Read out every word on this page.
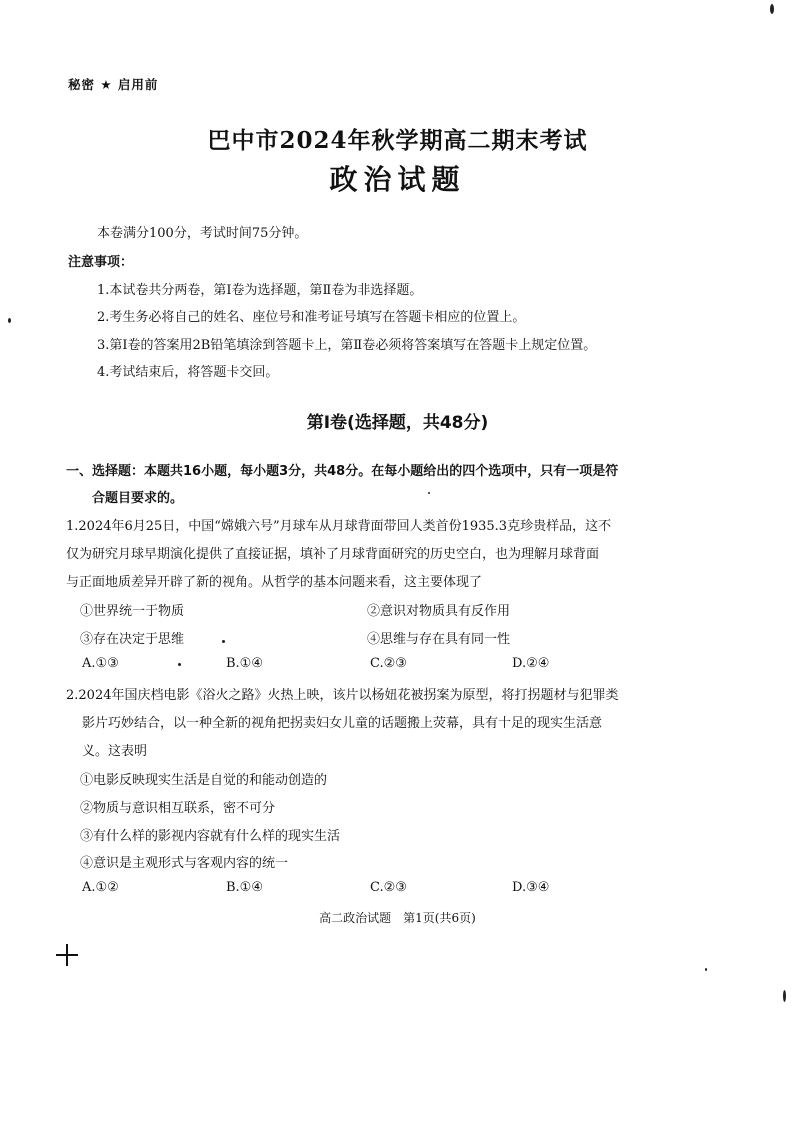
秘密 ★ 启用前
巴中市2024年秋学期高二期末考试
政治试题
本卷满分100分，考试时间75分钟。
注意事项：
1.本试卷共分两卷，第Ⅰ卷为选择题，第Ⅱ卷为非选择题。
2.考生务必将自己的姓名、座位号和准考证号填写在答题卡相应的位置上。
3.第Ⅰ卷的答案用2B铅笔填涂到答题卡上，第Ⅱ卷必须将答案填写在答题卡上规定位置。
4.考试结束后，将答题卡交回。
第Ⅰ卷(选择题，共48分)
一、选择题：本题共16小题，每小题3分，共48分。在每小题给出的四个选项中，只有一项是符
合题目要求的。
1.2024年6月25日，中国“嫦娥六号”月球车从月球背面带回人类首份1935.3克珍贵样品，这不
仅为研究月球早期演化提供了直接证据，填补了月球背面研究的历史空白，也为理解月球背面
与正面地质差异开辟了新的视角。从哲学的基本问题来看，这主要体现了
①世界统一于物质	②意识对物质具有反作用
③存在决定于思维	④思维与存在具有同一性
A.①③	B.①④	C.②③	D.②④
2.2024年国庆档电影《浴火之路》火热上映，该片以杨妞花被拐案为原型，将打拐题材与犯罪类
影片巧妙结合，以一种全新的视角把拐卖妇女儿童的话题搬上荧幕，具有十足的现实生活意
义。这表明
①电影反映现实生活是自觉的和能动创造的
②物质与意识相互联系，密不可分
③有什么样的影视内容就有什么样的现实生活
④意识是主观形式与客观内容的统一
A.①②	B.①④	C.②③	D.③④
高二政治试题　第1页(共6页)
